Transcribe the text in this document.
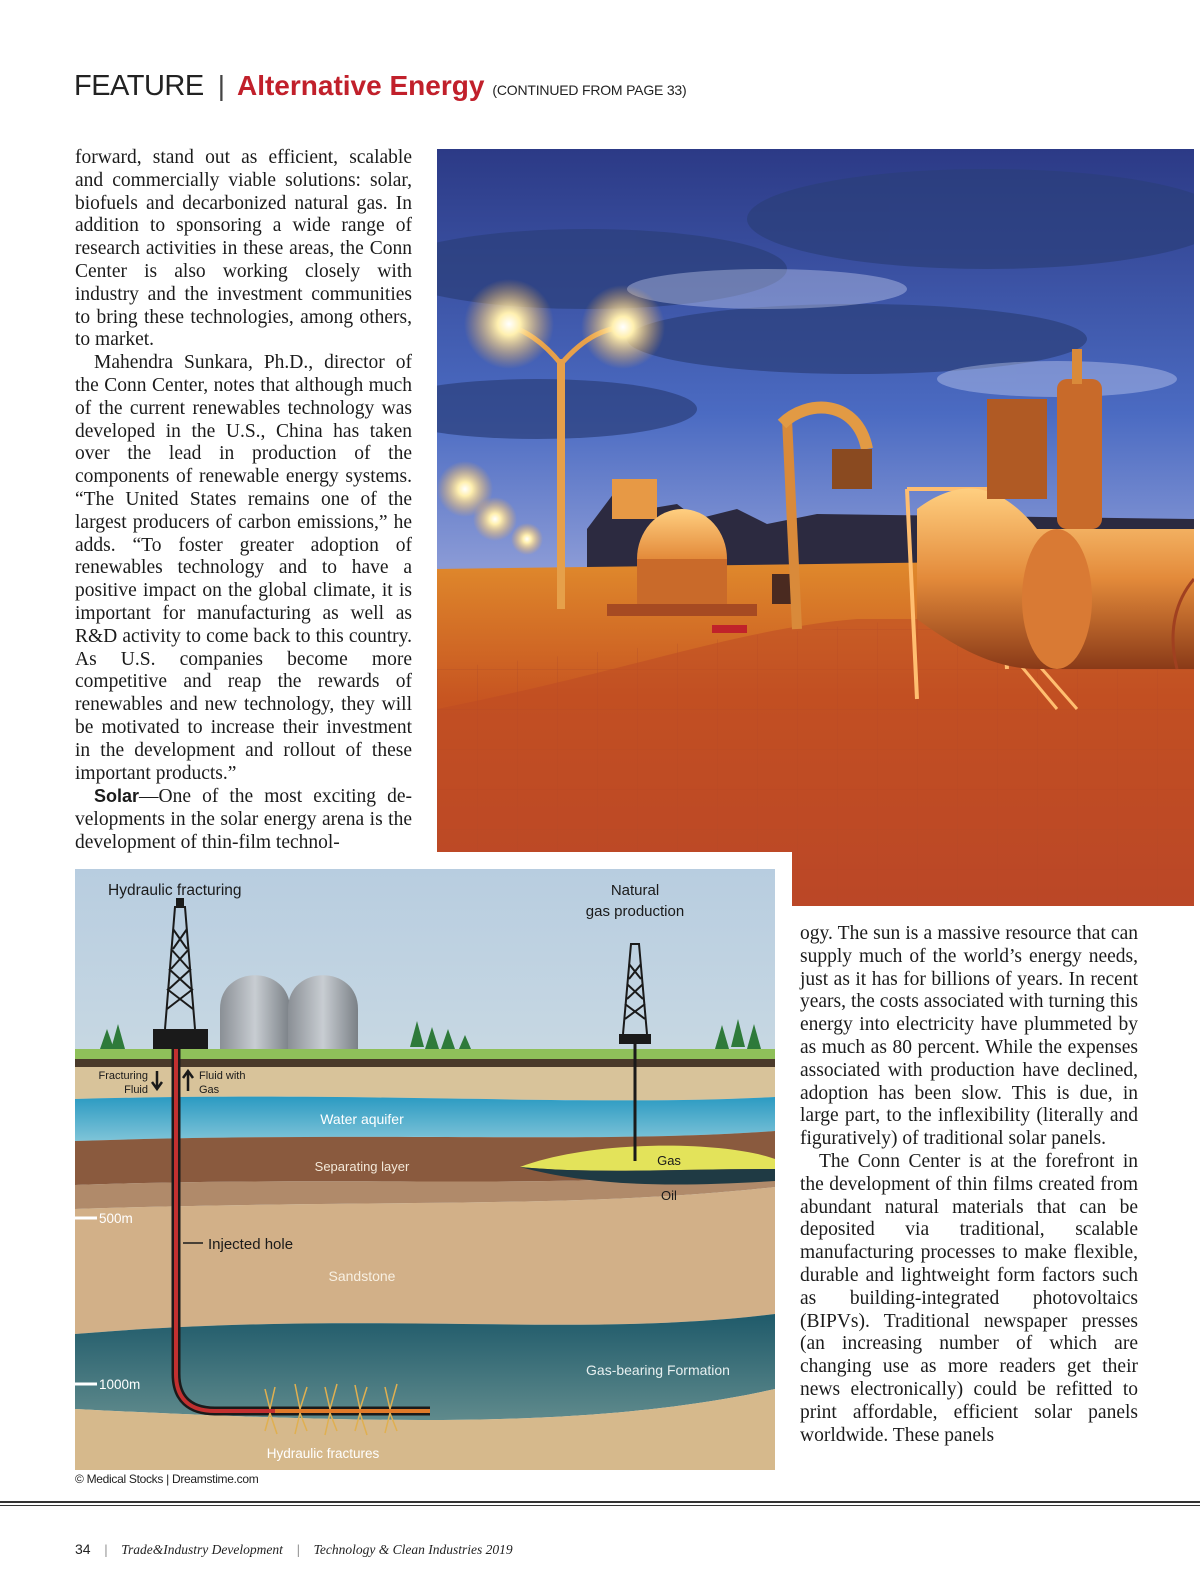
FEATURE | Alternative Energy (CONTINUED FROM PAGE 33)

forward, stand out as efficient, scalable and commercially viable solutions: solar, biofuels and decarbonized natural gas. In addition to sponsoring a wide range of research activities in these areas, the Conn Center is also working closely with industry and the investment communities to bring these technologies, among others, to market.

Mahendra Sunkara, Ph.D., director of the Conn Center, notes that although much of the current renewables technology was developed in the U.S., China has taken over the lead in production of the components of renewable energy systems. “The United States remains one of the largest producers of carbon emissions,” he adds. “To foster greater adoption of renewables technology and to have a positive impact on the global climate, it is important for manufacturing as well as R&D activity to come back to this country. As U.S. companies become more competitive and reap the rewards of renewables and new technology, they will be motivated to increase their investment in the development and rollout of these important products.”

Solar—One of the most exciting developments in the solar energy arena is the development of thin-film technol-

ogy. The sun is a massive resource that can supply much of the world’s energy needs, just as it has for billions of years. In recent years, the costs associated with turning this energy into electricity have plummeted by as much as 80 percent. While the expenses associated with production have declined, adoption has been slow. This is due, in large part, to the inflexibility (literally and figuratively) of traditional solar panels.

The Conn Center is at the forefront in the development of thin films created from abundant natural materials that can be deposited via traditional, scalable manufacturing processes to make flexible, durable and lightweight form factors such as building-integrated photovoltaics (BIPVs). Traditional newspaper presses (an increasing number of which are changing use as more readers get their news electronically) could be refitted to print affordable, efficient solar panels worldwide. These panels

Hydraulic fracturing	Natural
gas production
Fracturing
Fluid
Fluid with
Gas
Water aquifer
Separating layer	Gas
Oil
500m
Injected hole
Sandstone
Gas-bearing Formation
1000m
Hydraulic fractures
© Medical Stocks | Dreamstime.com
34 | Trade&Industry Development | Technology & Clean Industries 2019
